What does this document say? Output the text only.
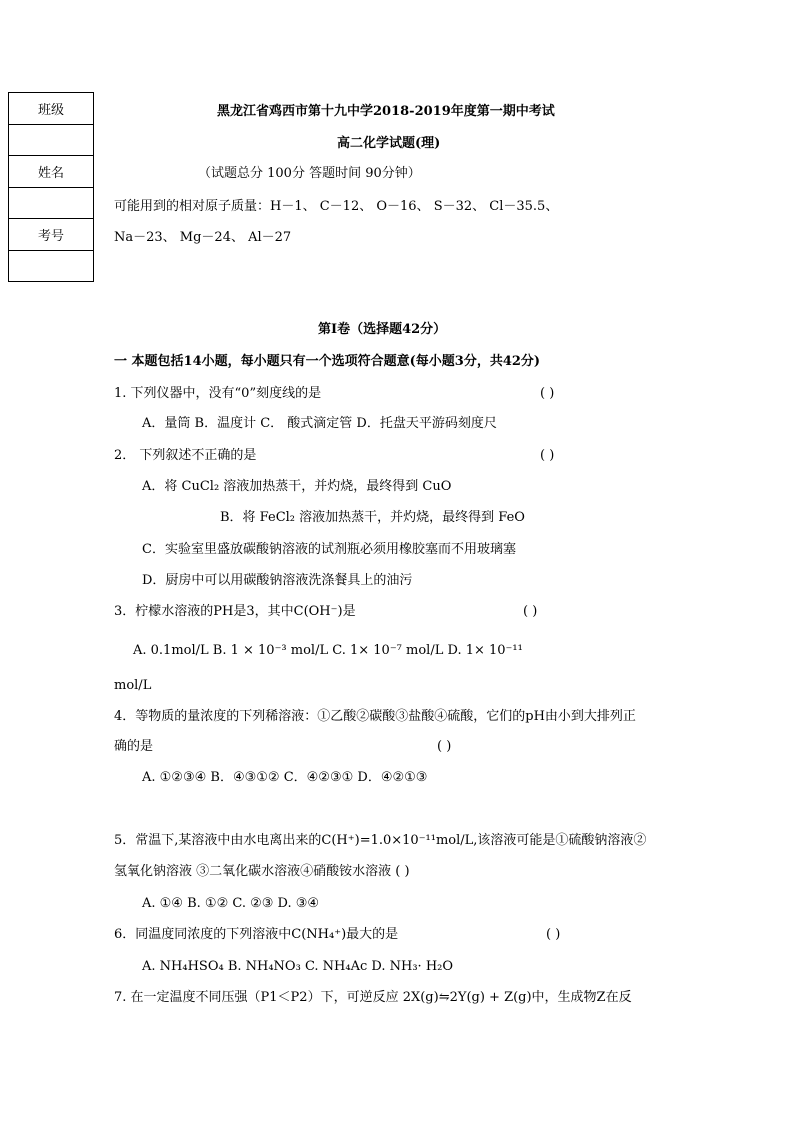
班级
姓名
考号
黑龙江省鸡西市第十九中学2018-2019年度第一期中考试
高二化学试题(理)
（试题总分 100分 答题时间 90分钟）
可能用到的相对原子质量：H－1、 C－12、 O－16、 S－32、 Cl－35.5、
Na－23、 Mg－24、 Al－27
第Ⅰ卷（选择题42分）
一 本题包括14小题，每小题只有一个选项符合题意(每小题3分，共42分)
1. 下列仪器中，没有“0”刻度线的是	( )
A．量筒 B．温度计 C． 酸式滴定管 D．托盘天平游码刻度尺
2． 下列叙述不正确的是	( )
A．将 CuCl₂ 溶液加热蒸干，并灼烧，最终得到 CuO
B．将 FeCl₂ 溶液加热蒸干，并灼烧，最终得到 FeO
C．实验室里盛放碳酸钠溶液的试剂瓶必须用橡胶塞而不用玻璃塞
D．厨房中可以用碳酸钠溶液洗涤餐具上的油污
3．柠檬水溶液的PH是3，其中C(OH⁻)是	( )
A. 0.1mol/L B. 1 × 10⁻³ mol/L C. 1× 10⁻⁷ mol/L D. 1× 10⁻¹¹
mol/L
4．等物质的量浓度的下列稀溶液：①乙酸②碳酸③盐酸④硫酸，它们的pH由小到大排列正
确的是	( )
A. ①②③④ B．④③①② C．④②③① D．④②①③
5．常温下,某溶液中由水电离出来的C(H⁺)=1.0×10⁻¹¹mol/L,该溶液可能是①硫酸钠溶液②
氢氧化钠溶液 ③二氧化碳水溶液④硝酸铵水溶液 ( )
A. ①④ B. ①② C. ②③ D. ③④
6．同温度同浓度的下列溶液中C(NH₄⁺)最大的是	( )
A. NH₄HSO₄ B. NH₄NO₃ C. NH₄Ac D. NH₃· H₂O
7. 在一定温度不同压强（P1＜P2）下，可逆反应 2X(g)⇋2Y(g) + Z(g)中，生成物Z在反
